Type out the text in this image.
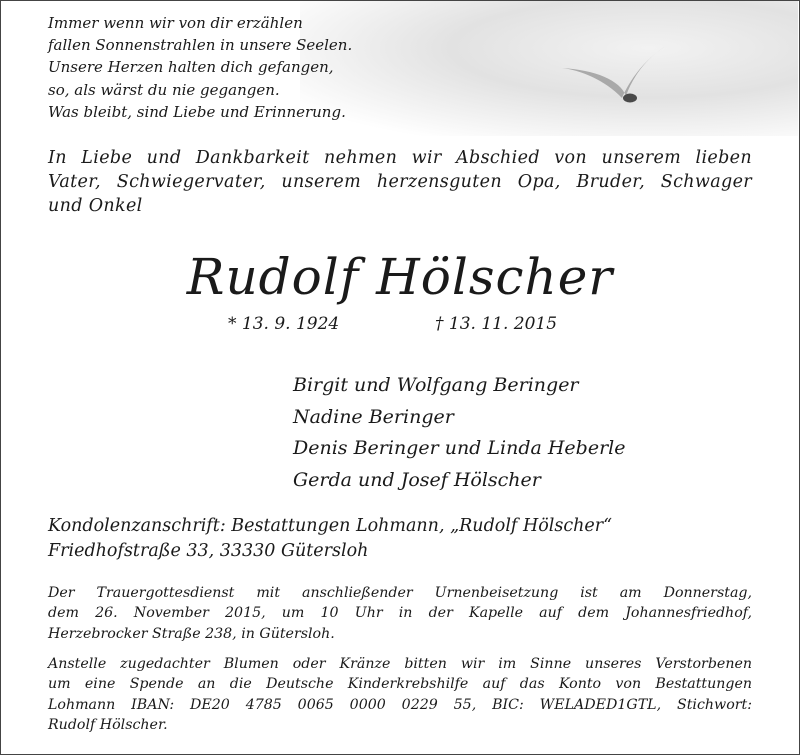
Immer wenn wir von dir erzählen
fallen Sonnenstrahlen in unsere Seelen.
Unsere Herzen halten dich gefangen,
so, als wärst du nie gegangen.
Was bleibt, sind Liebe und Erinnerung.
In Liebe und Dankbarkeit nehmen wir Abschied von unserem lieben
Vater, Schwiegervater, unserem herzensguten Opa, Bruder, Schwager
und Onkel
Rudolf Hölscher
* 13. 9. 1924	† 13. 11. 2015
Birgit und Wolfgang Beringer
Nadine Beringer
Denis Beringer und Linda Heberle
Gerda und Josef Hölscher
Kondolenzanschrift: Bestattungen Lohmann, „Rudolf Hölscher“
Friedhofstraße 33, 33330 Gütersloh
Der Trauergottesdienst mit anschließender Urnenbeisetzung ist am Donnerstag,
dem 26. November 2015, um 10 Uhr in der Kapelle auf dem Johannesfriedhof,
Herzebrocker Straße 238, in Gütersloh.
Anstelle zugedachter Blumen oder Kränze bitten wir im Sinne unseres Verstorbenen
um eine Spende an die Deutsche Kinderkrebshilfe auf das Konto von Bestattungen
Lohmann IBAN: DE20 4785 0065 0000 0229 55, BIC: WELADED1GTL, Stichwort:
Rudolf Hölscher.
